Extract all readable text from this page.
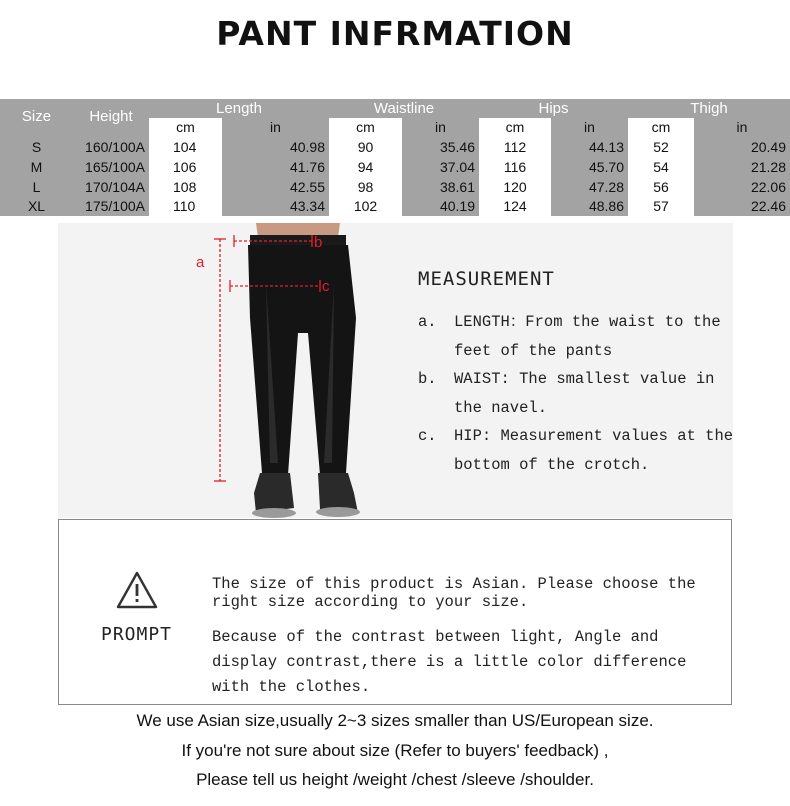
PANT INFRMATION
Size	Height	Length	Waistline	Hips	Thigh
cm	in	cm	in	cm	in	cm	in
S	160/100A	104	40.98	90	35.46	112	44.13	52	20.49
M	165/100A	106	41.76	94	37.04	116	45.70	54	21.28
L	170/104A	108	42.55	98	38.61	120	47.28	56	22.06
XL	175/100A	110	43.34	102	40.19	124	48.86	57	22.46
a
b
c	MEASUREMENT
a.	LENGTH：From the waist to the feet of the pants
b.	WAIST: The smallest value in the navel.
c.	HIP: Measurement values at the bottom of the crotch.
PROMPT
The size of this product is Asian. Please choose the right size according to your size.
Because of the contrast between light, Angle and display contrast,there is a little color difference with the clothes.
We use Asian size,usually 2~3 sizes smaller than US/European size.
If you're not sure about size (Refer to buyers' feedback) ,
Please tell us height /weight /chest /sleeve /shoulder.
